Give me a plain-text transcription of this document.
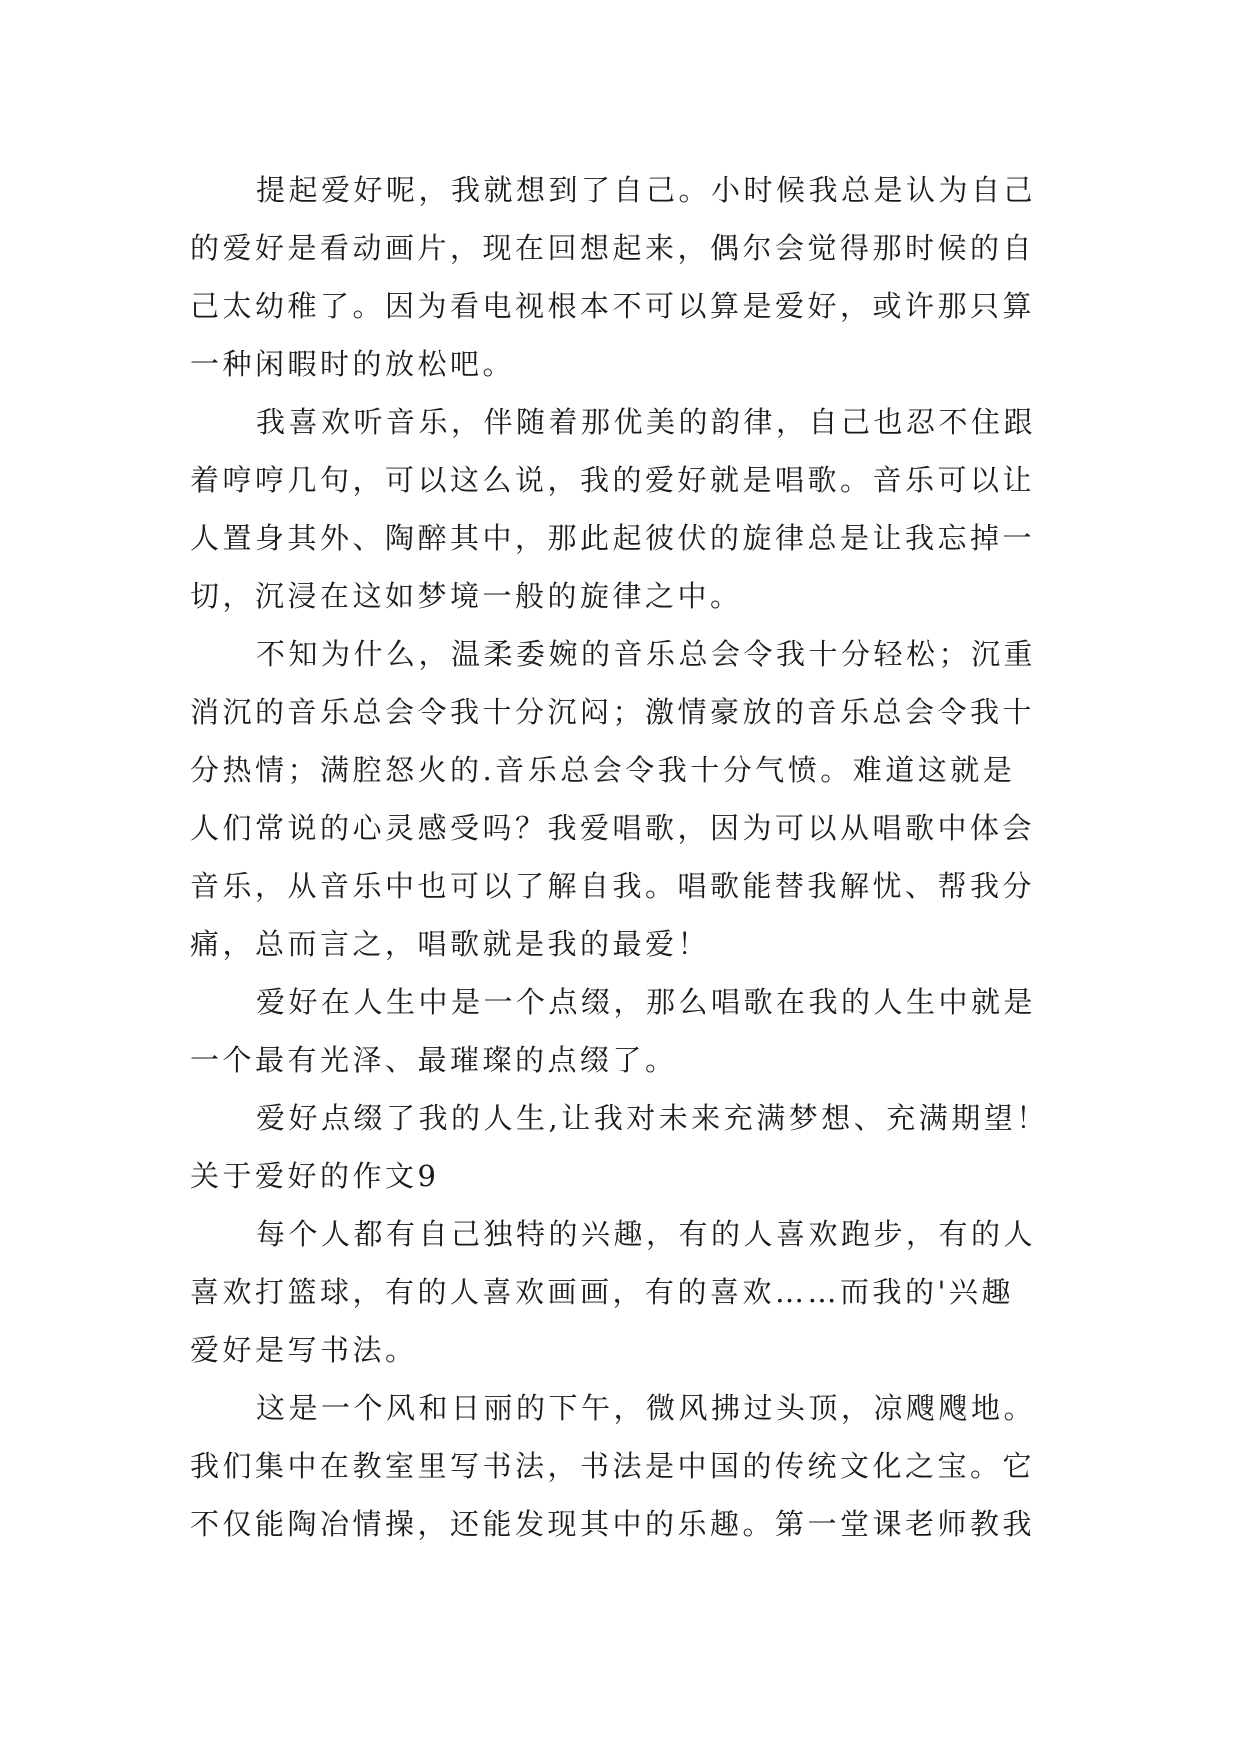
提起爱好呢，我就想到了自己。小时候我总是认为自己
的爱好是看动画片，现在回想起来，偶尔会觉得那时候的自
己太幼稚了。因为看电视根本不可以算是爱好，或许那只算
一种闲暇时的放松吧。
我喜欢听音乐，伴随着那优美的韵律，自己也忍不住跟
着哼哼几句，可以这么说，我的爱好就是唱歌。音乐可以让
人置身其外、陶醉其中，那此起彼伏的旋律总是让我忘掉一
切，沉浸在这如梦境一般的旋律之中。
不知为什么，温柔委婉的音乐总会令我十分轻松；沉重
消沉的音乐总会令我十分沉闷；激情豪放的音乐总会令我十
分热情；满腔怒火的.音乐总会令我十分气愤。难道这就是
人们常说的心灵感受吗？我爱唱歌，因为可以从唱歌中体会
音乐，从音乐中也可以了解自我。唱歌能替我解忧、帮我分
痛，总而言之，唱歌就是我的最爱！
爱好在人生中是一个点缀，那么唱歌在我的人生中就是
一个最有光泽、最璀璨的点缀了。
爱好点缀了我的人生,让我对未来充满梦想、充满期望！
关于爱好的作文9
每个人都有自己独特的兴趣，有的人喜欢跑步，有的人
喜欢打篮球，有的人喜欢画画，有的喜欢……而我的'兴趣
爱好是写书法。
这是一个风和日丽的下午，微风拂过头顶，凉飕飕地。
我们集中在教室里写书法，书法是中国的传统文化之宝。它
不仅能陶冶情操，还能发现其中的乐趣。第一堂课老师教我
